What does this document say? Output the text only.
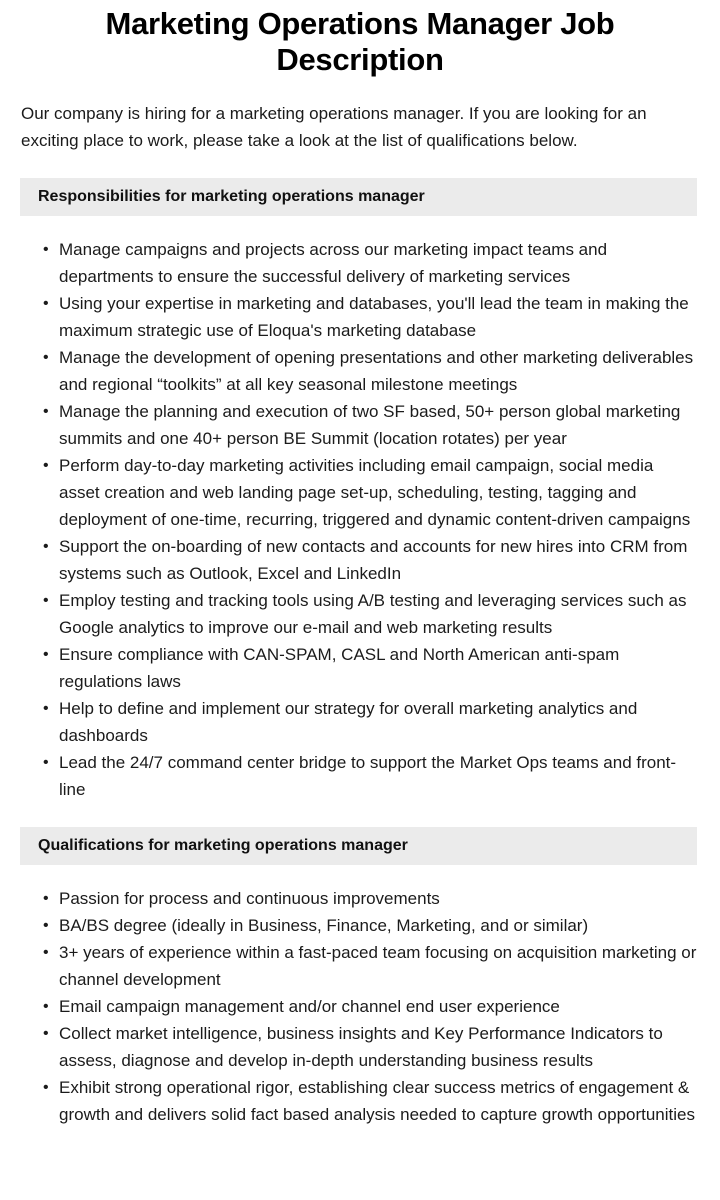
Marketing Operations Manager Job Description

Our company is hiring for a marketing operations manager. If you are looking for an exciting place to work, please take a look at the list of qualifications below.

Responsibilities for marketing operations manager
• Manage campaigns and projects across our marketing impact teams and departments to ensure the successful delivery of marketing services
• Using your expertise in marketing and databases, you'll lead the team in making the maximum strategic use of Eloqua's marketing database
• Manage the development of opening presentations and other marketing deliverables and regional “toolkits” at all key seasonal milestone meetings
• Manage the planning and execution of two SF based, 50+ person global marketing summits and one 40+ person BE Summit (location rotates) per year
• Perform day-to-day marketing activities including email campaign, social media asset creation and web landing page set-up, scheduling, testing, tagging and deployment of one-time, recurring, triggered and dynamic content-driven campaigns
• Support the on-boarding of new contacts and accounts for new hires into CRM from systems such as Outlook, Excel and LinkedIn
• Employ testing and tracking tools using A/B testing and leveraging services such as Google analytics to improve our e-mail and web marketing results
• Ensure compliance with CAN-SPAM, CASL and North American anti-spam regulations laws
• Help to define and implement our strategy for overall marketing analytics and dashboards
• Lead the 24/7 command center bridge to support the Market Ops teams and front-line
Qualifications for marketing operations manager
• Passion for process and continuous improvements
• BA/BS degree (ideally in Business, Finance, Marketing, and or similar)
• 3+ years of experience within a fast-paced team focusing on acquisition marketing or channel development
• Email campaign management and/or channel end user experience
• Collect market intelligence, business insights and Key Performance Indicators to assess, diagnose and develop in-depth understanding business results
• Exhibit strong operational rigor, establishing clear success metrics of engagement & growth and delivers solid fact based analysis needed to capture growth opportunities
